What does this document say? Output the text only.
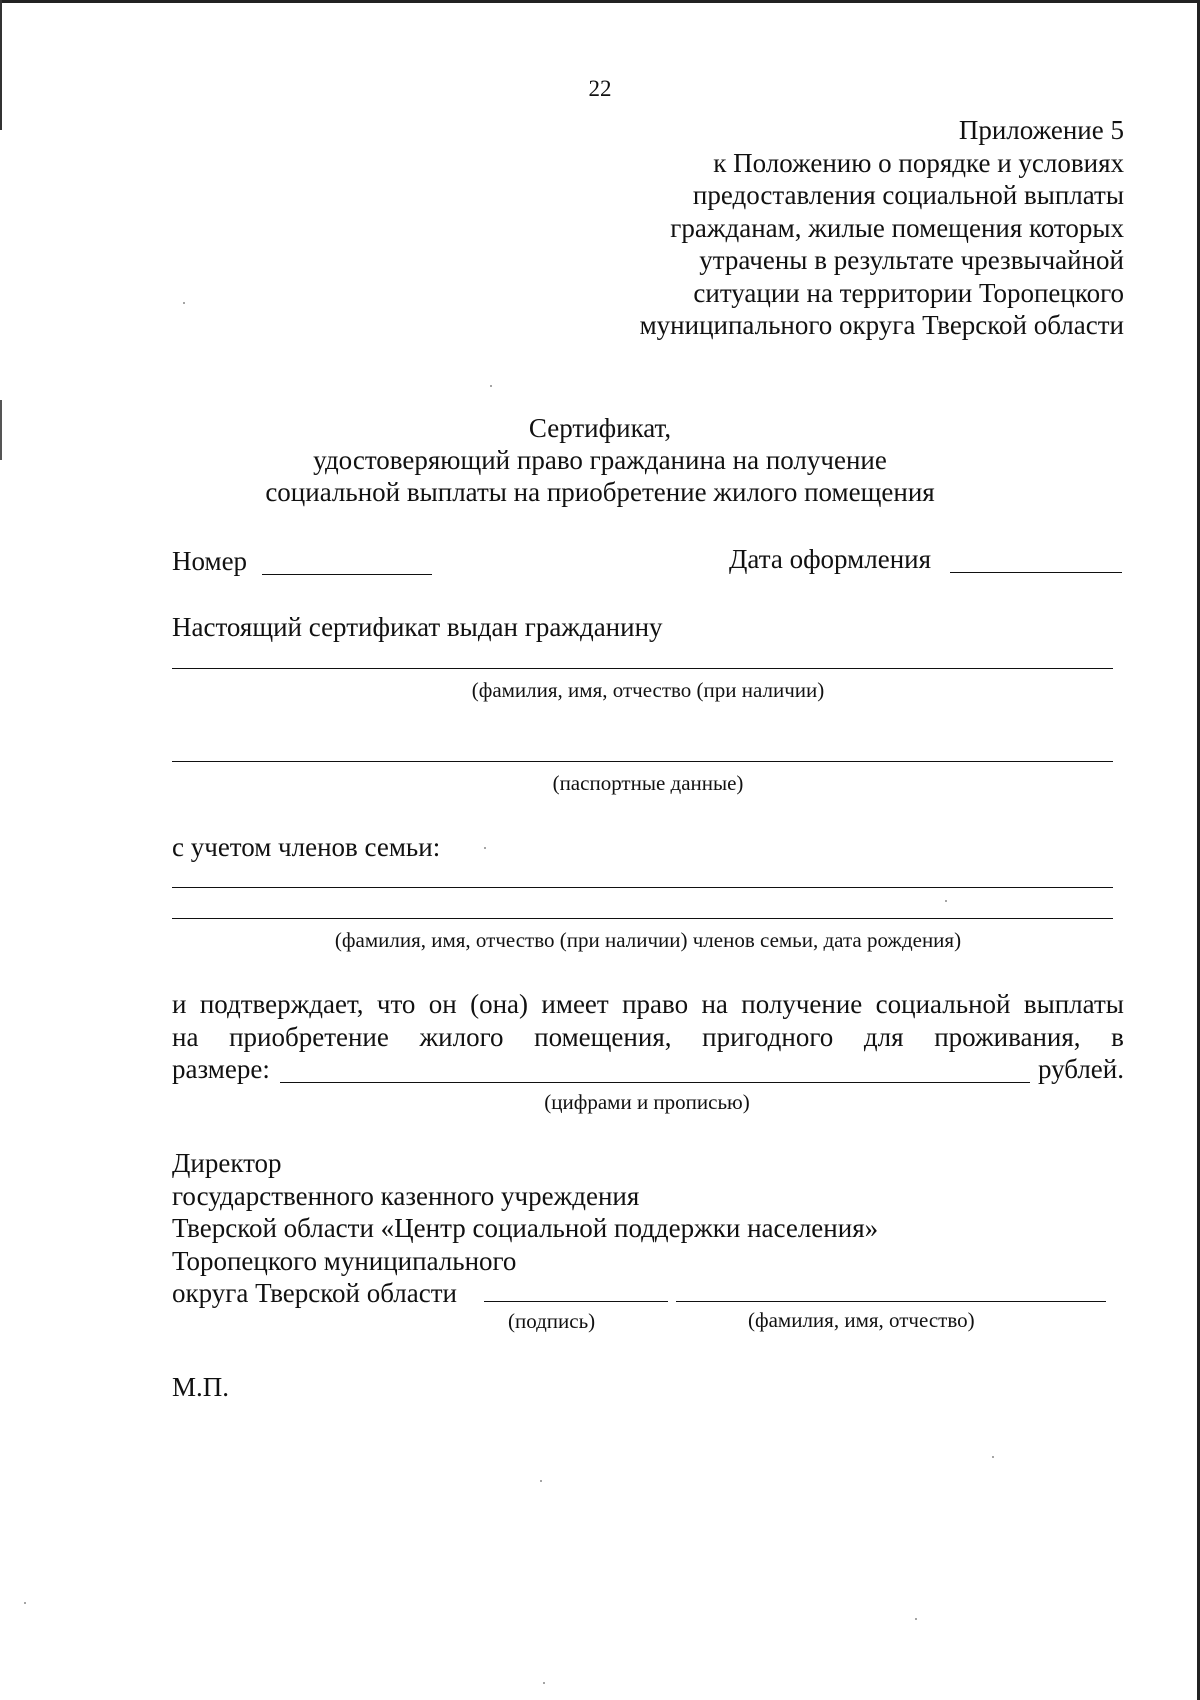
22
Приложение 5
к Положению о порядке и условиях
предоставления социальной выплаты
гражданам, жилые помещения которых
утрачены в результате чрезвычайной
ситуации на территории Торопецкого
муниципального округа Тверской области
Сертификат,
удостоверяющий право гражданина на получение
социальной выплаты на приобретение жилого помещения
Номер	Дата оформления
Настоящий сертификат выдан гражданину
(фамилия, имя, отчество (при наличии)
(паспортные данные)
с учетом членов семьи:
(фамилия, имя, отчество (при наличии) членов семьи, дата рождения)
и подтверждает, что он (она) имеет право на получение социальной выплаты
на приобретение жилого помещения, пригодного для проживания, в
размере:	рублей.
(цифрами и прописью)
Директор
государственного казенного учреждения
Тверской области «Центр социальной поддержки населения»
Торопецкого муниципального
округа Тверской области
(подпись)	(фамилия, имя, отчество)
М.П.
